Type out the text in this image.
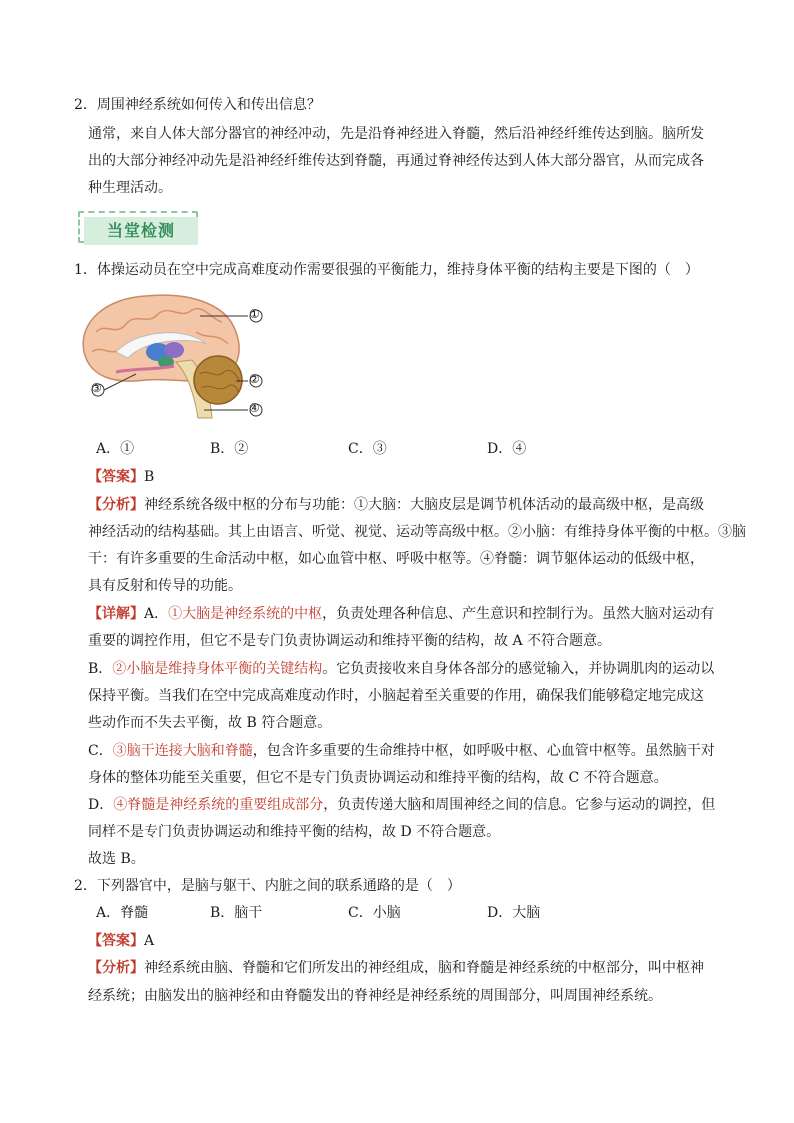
2．周围神经系统如何传入和传出信息？
通常，来自人体大部分器官的神经冲动，先是沿脊神经进入脊髓，然后沿神经纤维传达到脑。脑所发
出的大部分神经冲动先是沿神经纤维传达到脊髓，再通过脊神经传达到人体大部分器官，从而完成各
种生理活动。
当堂检测
1．体操运动员在空中完成高难度动作需要很强的平衡能力，维持身体平衡的结构主要是下图的（　）
①
②
③
④
A．①	B．②	C．③	D．④
【答案】B
【分析】神经系统各级中枢的分布与功能：①大脑：大脑皮层是调节机体活动的最高级中枢，是高级
神经活动的结构基础。其上由语言、听觉、视觉、运动等高级中枢。②小脑：有维持身体平衡的中枢。③脑
干：有许多重要的生命活动中枢，如心血管中枢、呼吸中枢等。④脊髓：调节躯体运动的低级中枢，
具有反射和传导的功能。
【详解】A．①大脑是神经系统的中枢，负责处理各种信息、产生意识和控制行为。虽然大脑对运动有
重要的调控作用，但它不是专门负责协调运动和维持平衡的结构，故 A 不符合题意。
B．②小脑是维持身体平衡的关键结构。它负责接收来自身体各部分的感觉输入，并协调肌肉的运动以
保持平衡。当我们在空中完成高难度动作时，小脑起着至关重要的作用，确保我们能够稳定地完成这
些动作而不失去平衡，故 B 符合题意。
C．③脑干连接大脑和脊髓，包含许多重要的生命维持中枢，如呼吸中枢、心血管中枢等。虽然脑干对
身体的整体功能至关重要，但它不是专门负责协调运动和维持平衡的结构，故 C 不符合题意。
D．④脊髓是神经系统的重要组成部分，负责传递大脑和周围神经之间的信息。它参与运动的调控，但
同样不是专门负责协调运动和维持平衡的结构，故 D 不符合题意。
故选 B。
2．下列器官中，是脑与躯干、内脏之间的联系通路的是（　）
A．脊髓	B．脑干	C．小脑	D．大脑
【答案】A
【分析】神经系统由脑、脊髓和它们所发出的神经组成，脑和脊髓是神经系统的中枢部分，叫中枢神
经系统；由脑发出的脑神经和由脊髓发出的脊神经是神经系统的周围部分，叫周围神经系统。
